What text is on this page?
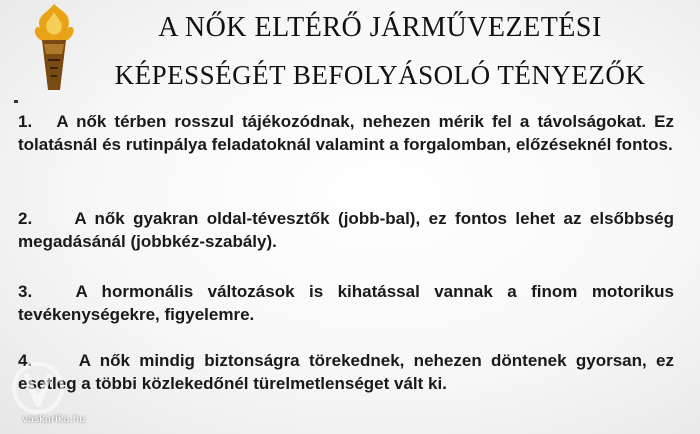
A NŐK ELTÉRŐ JÁRMŰVEZETÉSI
KÉPESSÉGÉT BEFOLYÁSOLÓ TÉNYEZŐK
1. A nők térben rosszul tájékozódnak, nehezen mérik fel a távolságokat. Ez tolatásnál és rutinpálya feladatoknál valamint a forgalomban, előzéseknél fontos.
2. A nők gyakran oldal-tévesztők (jobb-bal), ez fontos lehet az elsőbbség megadásánál (jobbkéz-szabály).
3.	A hormonális változások is kihatással vannak a finom motorikus tevékenységekre, figyelemre.
4.	A nők mindig biztonságra törekednek, nehezen döntenek gyorsan, ez esetleg a többi közlekedőnél türelmetlenséget vált ki.
vaskarika.hu
